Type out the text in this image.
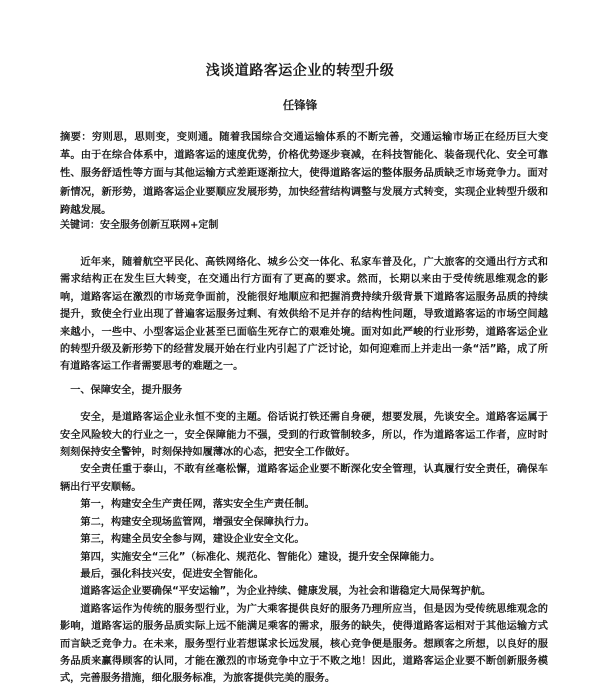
浅谈道路客运企业的转型升级
任锋锋
摘要：穷则思，思则变，变则通。随着我国综合交通运输体系的不断完善，交通运输市场正在经历巨大变革。由于在综合体系中，道路客运的速度优势，价格优势逐步衰减，在科技智能化、装备现代化、安全可靠性、服务舒适性等方面与其他运输方式差距逐渐拉大，使得道路客运的整体服务品质缺乏市场竞争力。面对新情况，新形势，道路客运企业要顺应发展形势，加快经营结构调整与发展方式转变，实现企业转型升级和跨越发展。
关键词：安全服务创新互联网+定制

近年来，随着航空平民化、高铁网络化、城乡公交一体化、私家车普及化，广大旅客的交通出行方式和需求结构正在发生巨大转变，在交通出行方面有了更高的要求。然而，长期以来由于受传统思维观念的影响，道路客运在激烈的市场竞争面前，没能很好地顺应和把握消费持续升级背景下道路客运服务品质的持续提升，致使全行业出现了普遍客运服务过剩、有效供给不足并存的结构性问题，导致道路客运的市场空间越来越小，一些中、小型客运企业甚至已面临生死存亡的艰难处境。面对如此严峻的行业形势，道路客运企业的转型升级及新形势下的经营发展开始在行业内引起了广泛讨论，如何迎难而上并走出一条“活”路，成了所有道路客运工作者需要思考的难题之一。

一、保障安全，提升服务

安全，是道路客运企业永恒不变的主题。俗话说打铁还需自身硬，想要发展，先谈安全。道路客运属于安全风险较大的行业之一，安全保障能力不强，受到的行政管制较多，所以，作为道路客运工作者，应时时刻刻保持安全警钟，时刻保持如履薄冰的心态，把安全工作做好。

安全责任重于泰山，不敢有丝毫松懈，道路客运企业要不断深化安全管理，认真履行安全责任，确保车辆出行平安顺畅。

第一，构建安全生产责任网，落实安全生产责任制。

第二，构建安全现场监管网，增强安全保障执行力。

第三，构建全员安全参与网，建设企业安全文化。

第四，实施安全“三化”（标准化、规范化、智能化）建设，提升安全保障能力。

最后，强化科技兴安，促进安全智能化。

道路客运企业要确保“平安运输”，为企业持续、健康发展，为社会和谐稳定大局保驾护航。

道路客运作为传统的服务型行业，为广大乘客提供良好的服务乃理所应当，但是因为受传统思维观念的影响，道路客运的服务品质实际上远不能满足乘客的需求，服务的缺失，使得道路客运相对于其他运输方式而言缺乏竞争力。在未来，服务型行业若想谋求长远发展，核心竞争便是服务。想顾客之所想，以良好的服务品质来赢得顾客的认同，才能在激烈的市场竞争中立于不败之地！因此，道路客运企业要不断创新服务模式，完善服务措施，细化服务标准，为旅客提供完美的服务。
